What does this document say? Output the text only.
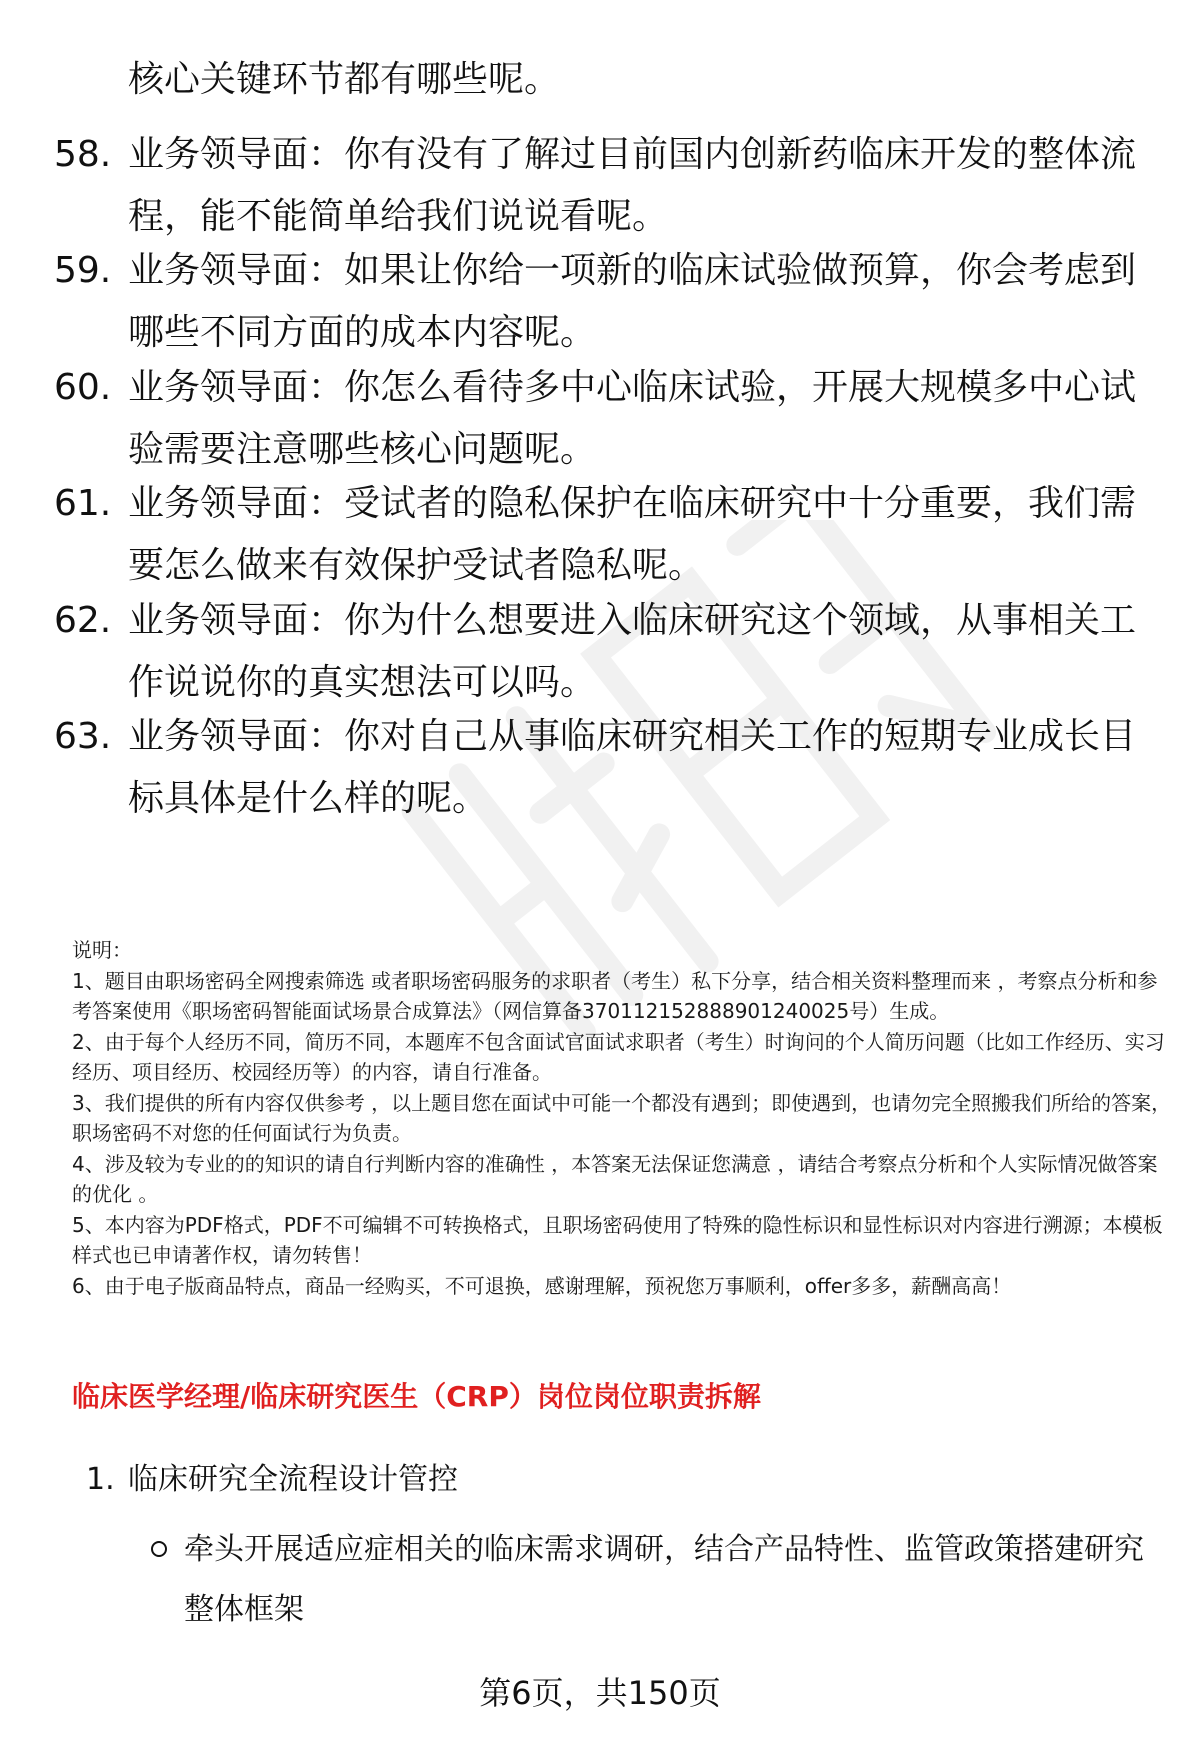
核心关键环节都有哪些呢。
58. 业务领导面：你有没有了解过目前国内创新药临床开发的整体流程，能不能简单给我们说说看呢。
59. 业务领导面：如果让你给一项新的临床试验做预算，你会考虑到哪些不同方面的成本内容呢。
60. 业务领导面：你怎么看待多中心临床试验，开展大规模多中心试验需要注意哪些核心问题呢。
61. 业务领导面：受试者的隐私保护在临床研究中十分重要，我们需要怎么做来有效保护受试者隐私呢。
62. 业务领导面：你为什么想要进入临床研究这个领域，从事相关工作说说你的真实想法可以吗。
63. 业务领导面：你对自己从事临床研究相关工作的短期专业成长目标具体是什么样的呢。

说明：

1、题目由职场密码全网搜索筛选 或者职场密码服务的求职者（考生）私下分享，结合相关资料整理而来 ，考察点分析和参考答案使用《职场密码智能面试场景合成算法》（网信算备37011215288890124002​5号）生成。

2、由于每个人经历不同，简历不同，本题库不包含面试官面试求职者（考生）时询问的个人简历问题（比如工作经历、实习经历、项目经历、校园经历等）的内容，请自行准备。

3、我们提供的所有内容仅供参考 ，以上题目您在面试中可能一个都没有遇到；即使遇到，也请勿完全照搬我们所给的答案，职场密码不对您的任何面试行为负责。

4、涉及较为专业的的知识的请自行判断内容的准确性 ，本答案无法保证您满意 ，请结合考察点分析和个人实际情况做答案的优化 。

5、本内容为PDF格式，PDF不可编辑不可转换格式，且职场密码使用了特殊的隐性标识和显性标识对内容进行溯源；本模板样式也已申请著作权，请勿转售！

6、由于电子版商品特点，商品一经购买，不可退换，感谢理解，预祝您万事顺利，offer多多，薪酬高高！

临床医学经理/临床研究医生（CRP）岗位岗位职责拆解
1. 临床研究全流程设计管控
牵头开展适应症相关的临床需求调研，结合产品特性、监管政策搭建研究整体框架
第6页，共150页
